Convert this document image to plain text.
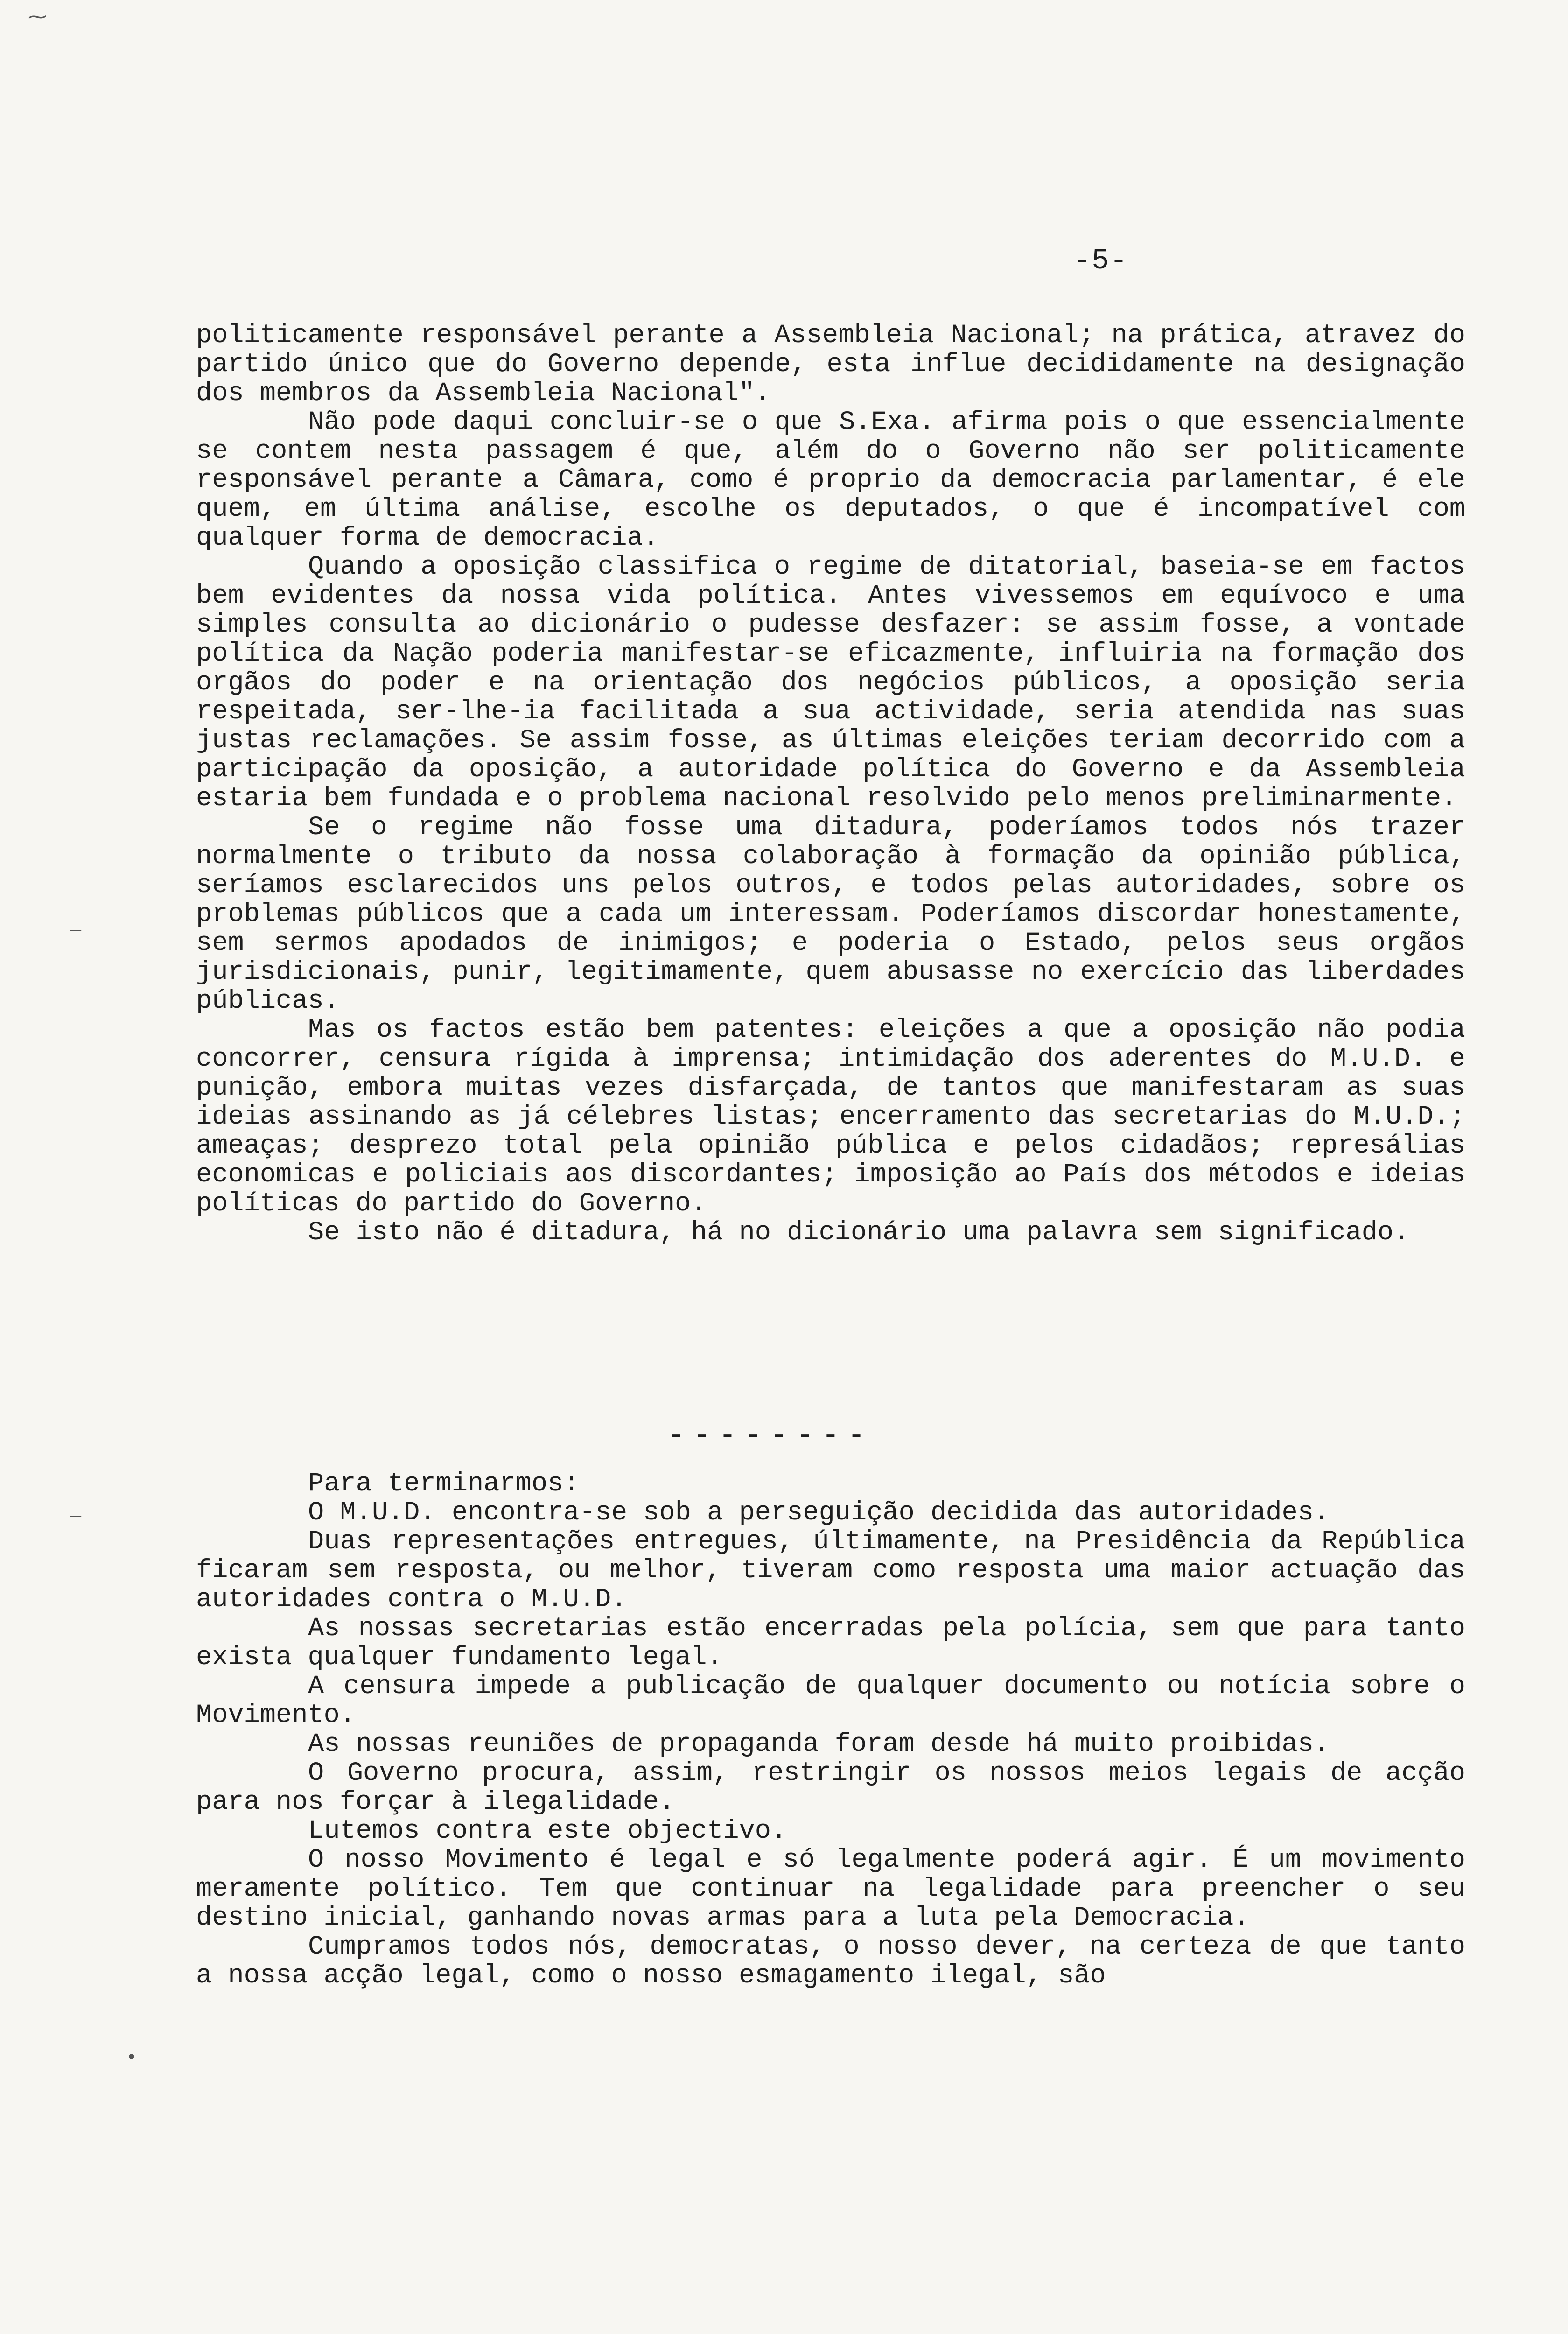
⁓
—
—
•
-5-

politicamente responsável perante a Assembleia Nacional; na prática, atravez do partido único que do Governo depende, esta influe decididamente na designação dos membros da Assembleia Nacional".

Não pode daqui concluir-se o que S.Exa. afirma pois o que essencialmente se contem nesta passagem é que, além do o Governo não ser politicamente responsável perante a Câmara, como é proprio da democracia parlamentar, é ele quem, em última análise, escolhe os deputados, o que é incompatível com qualquer forma de democracia.

Quando a oposição classifica o regime de ditatorial, baseia-se em factos bem evidentes da nossa vida política. Antes vivessemos em equívoco e uma simples consulta ao dicionário o pudesse desfazer: se assim fosse, a vontade política da Nação poderia manifestar-se eficazmente, influiria na formação dos orgãos do poder e na orientação dos negócios públicos, a oposição seria respeitada, ser-lhe-ia facilitada a sua actividade, seria atendida nas suas justas reclamações. Se assim fosse, as últimas eleições teriam decorrido com a participação da oposição, a autoridade política do Governo e da Assembleia estaria bem fundada e o problema nacional resolvido pelo menos preliminarmente.

Se o regime não fosse uma ditadura, poderíamos todos nós trazer normalmente o tributo da nossa colaboração à formação da opinião pública, seríamos esclarecidos uns pelos outros, e todos pelas autoridades, sobre os problemas públicos que a cada um interessam. Poderíamos discordar honestamente, sem sermos apodados de inimigos; e poderia o Estado, pelos seus orgãos jurisdicionais, punir, legitimamente, quem abusasse no exercício das liberdades públicas.

Mas os factos estão bem patentes: eleições a que a oposição não podia concorrer, censura rígida à imprensa; intimidação dos aderentes do M.U.D. e punição, embora muitas vezes disfarçada, de tantos que manifestaram as suas ideias assinando as já célebres listas; encerramento das secretarias do M.U.D.; ameaças; desprezo total pela opinião pública e pelos cidadãos; represálias economicas e policiais aos discordantes; imposição ao País dos métodos e ideias políticas do partido do Governo.

Se isto não é ditadura, há no dicionário uma palavra sem significado.

--------

Para terminarmos:

O M.U.D. encontra-se sob a perseguição decidida das autoridades.

Duas representações entregues, últimamente, na Presidência da República ficaram sem resposta, ou melhor, tiveram como resposta uma maior actuação das autoridades contra o M.U.D.

As nossas secretarias estão encerradas pela polícia, sem que para tanto exista qualquer fundamento legal.

A censura impede a publicação de qualquer documento ou notícia sobre o Movimento.

As nossas reuniões de propaganda foram desde há muito proibidas.

O Governo procura, assim, restringir os nossos meios legais de acção para nos forçar à ilegalidade.

Lutemos contra este objectivo.

O nosso Movimento é legal e só legalmente poderá agir. É um movimento meramente político. Tem que continuar na legalidade para preencher o seu destino inicial, ganhando novas armas para a luta pela Democracia.

Cumpramos todos nós, democratas, o nosso dever, na certeza de que tanto a nossa acção legal, como o nosso esmagamento ilegal, são
